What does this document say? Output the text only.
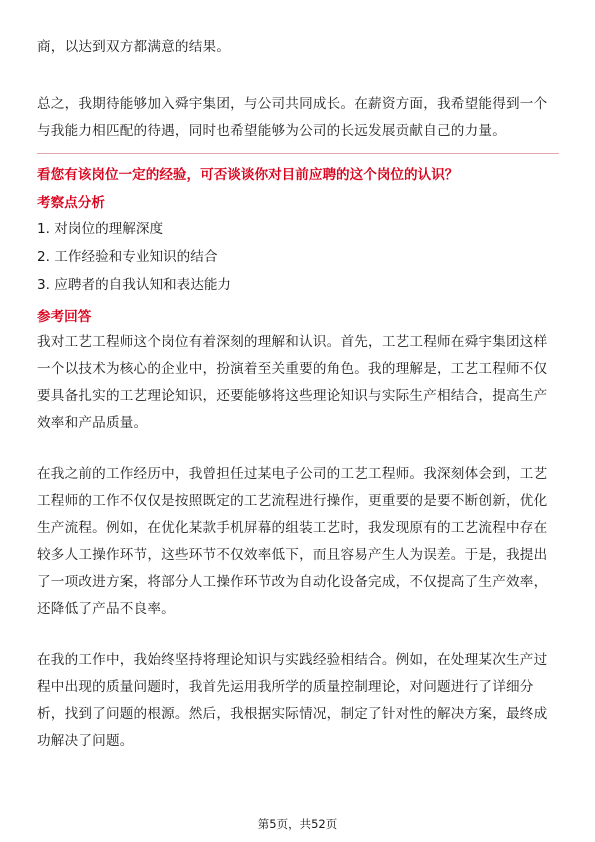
商，以达到双方都满意的结果。

总之，我期待能够加入舜宇集团，与公司共同成长。在薪资方面，我希望能得到一个与我能力相匹配的待遇，同时也希望能够为公司的长远发展贡献自己的力量。

看您有该岗位一定的经验，可否谈谈你对目前应聘的这个岗位的认识？

考察点分析

1. 对岗位的理解深度

2. 工作经验和专业知识的结合

3. 应聘者的自我认知和表达能力

参考回答

我对工艺工程师这个岗位有着深刻的理解和认识。首先，工艺工程师在舜宇集团这样一个以技术为核心的企业中，扮演着至关重要的角色。我的理解是，工艺工程师不仅要具备扎实的工艺理论知识，还要能够将这些理论知识与实际生产相结合，提高生产效率和产品质量。

在我之前的工作经历中，我曾担任过某电子公司的工艺工程师。我深刻体会到，工艺工程师的工作不仅仅是按照既定的工艺流程进行操作，更重要的是要不断创新，优化生产流程。例如，在优化某款手机屏幕的组装工艺时，我发现原有的工艺流程中存在较多人工操作环节，这些环节不仅效率低下，而且容易产生人为误差。于是，我提出了一项改进方案，将部分人工操作环节改为自动化设备完成，不仅提高了生产效率，还降低了产品不良率。

在我的工作中，我始终坚持将理论知识与实践经验相结合。例如，在处理某次生产过程中出现的质量问题时，我首先运用我所学的质量控制理论，对问题进行了详细分析，找到了问题的根源。然后，我根据实际情况，制定了针对性的解决方案，最终成功解决了问题。

第5页，共52页
